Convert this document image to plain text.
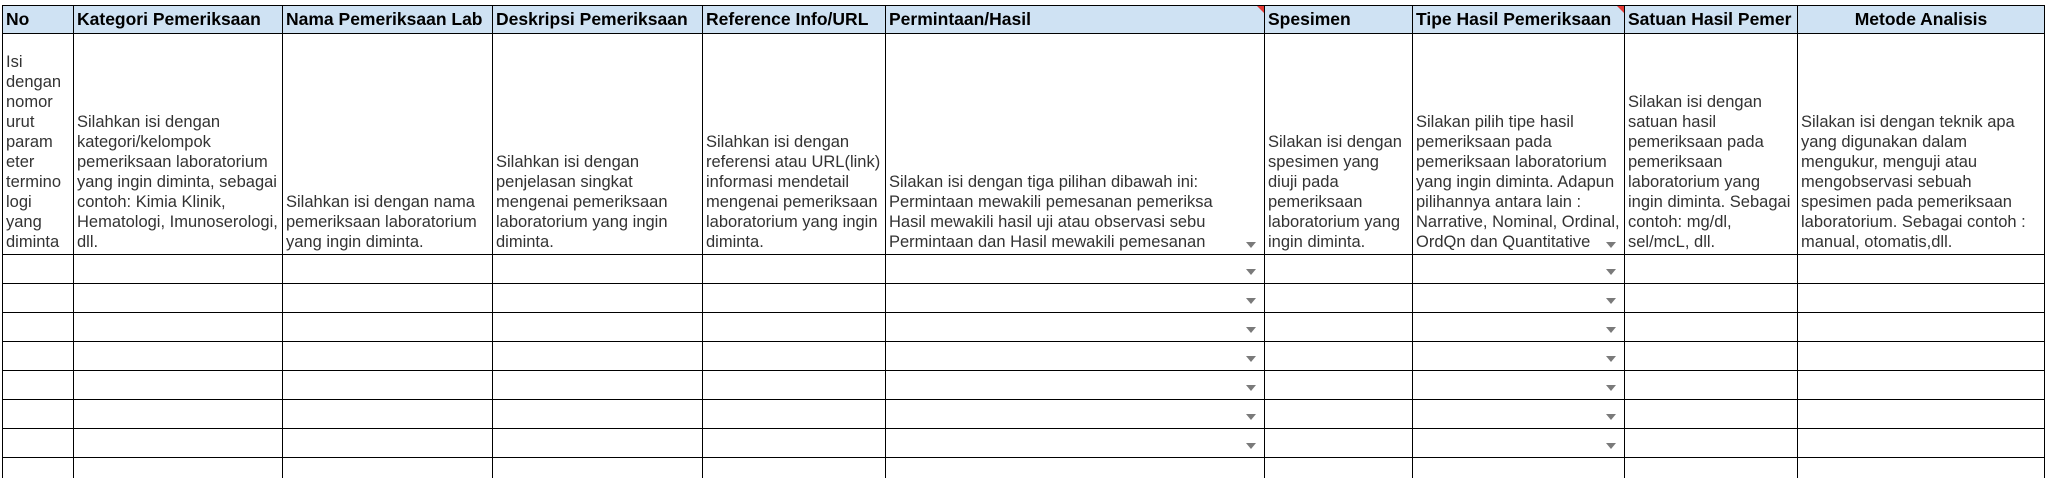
No	Kategori Pemeriksaan	Nama Pemeriksaan Lab	Deskripsi Pemeriksaan	Reference Info/URL	Permintaan/Hasil	Spesimen	Tipe Hasil Pemeriksaan	Satuan Hasil Pemer	Metode Analisis
Isi dengan nomor urut param eter termino logi yang diminta	Silahkan isi dengan kategori/kelompok pemeriksaan laboratorium yang ingin diminta, sebagai contoh: Kimia Klinik, Hematologi, Imunoserologi, dll.	Silahkan isi dengan nama pemeriksaan laboratorium yang ingin diminta.	Silahkan isi dengan penjelasan singkat mengenai pemeriksaan laboratorium yang ingin diminta.	Silahkan isi dengan referensi atau URL(link) informasi mendetail mengenai pemeriksaan laboratorium yang ingin diminta.	Silakan isi dengan tiga pilihan dibawah ini:
Permintaan mewakili pemesanan pemeriksa
Hasil mewakili hasil uji atau observasi sebu
Permintaan dan Hasil mewakili pemesanan	Silakan isi dengan spesimen yang diuji pada pemeriksaan laboratorium yang ingin diminta.	Silakan pilih tipe hasil pemeriksaan pada pemeriksaan laboratorium yang ingin diminta. Adapun pilihannya antara lain : Narrative, Nominal, Ordinal, OrdQn dan Quantitative	Silakan isi dengan satuan hasil pemeriksaan pada pemeriksaan laboratorium yang ingin diminta. Sebagai contoh: mg/dl, sel/mcL, dll.	Silakan isi dengan teknik apa yang digunakan dalam mengukur, menguji atau mengobservasi sebuah spesimen pada pemeriksaan laboratorium. Sebagai contoh : manual, otomatis,dll.
